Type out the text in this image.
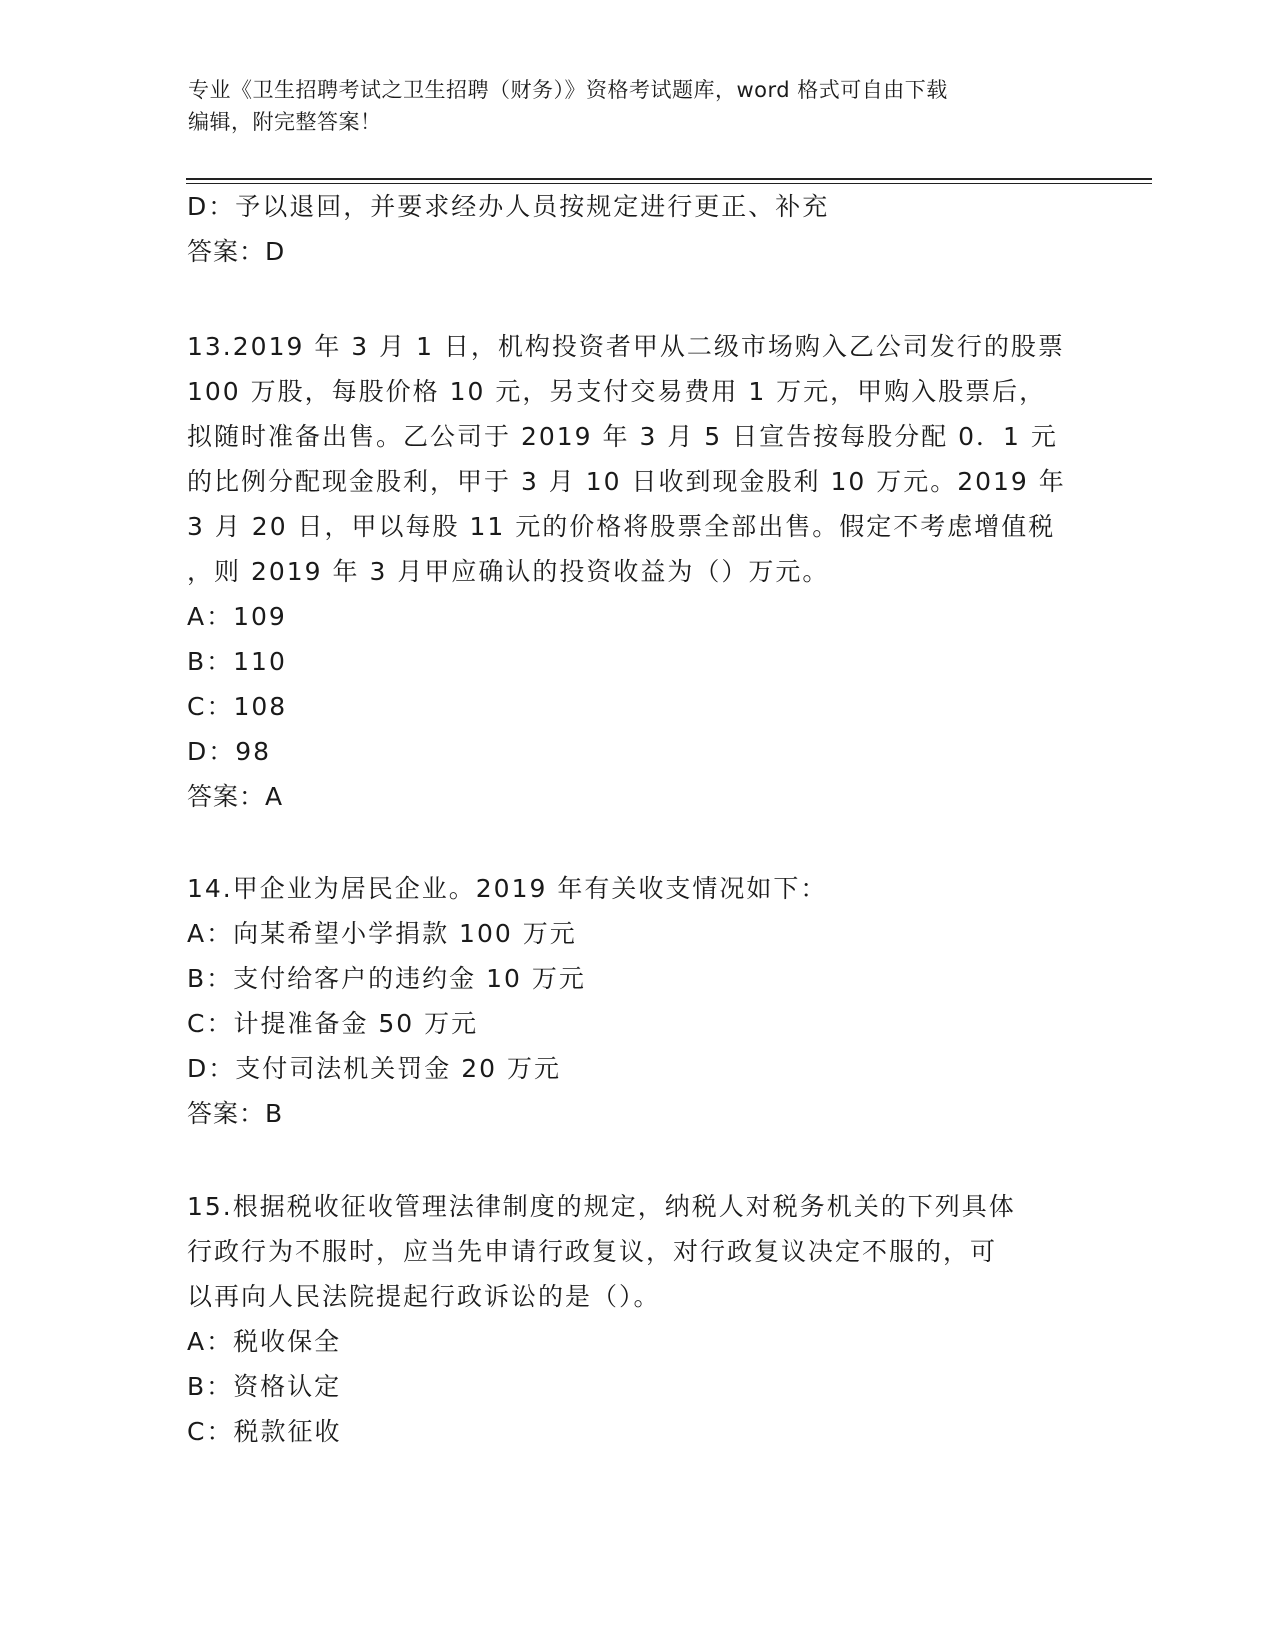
专业《卫生招聘考试之卫生招聘（财务）》资格考试题库，word 格式可自由下载
编辑，附完整答案！
D：予以退回，并要求经办人员按规定进行更正、补充
答案：D
13.2019 年 3 月 1 日，机构投资者甲从二级市场购入乙公司发行的股票
100 万股，每股价格 10 元，另支付交易费用 1 万元，甲购入股票后，
拟随时准备出售。乙公司于 2019 年 3 月 5 日宣告按每股分配 0．1 元
的比例分配现金股利，甲于 3 月 10 日收到现金股利 10 万元。2019 年
3 月 20 日，甲以每股 11 元的价格将股票全部出售。假定不考虑增值税
，则 2019 年 3 月甲应确认的投资收益为（）万元。
A：109
B：110
C：108
D：98
答案：A
14.甲企业为居民企业。2019 年有关收支情况如下：
A：向某希望小学捐款 100 万元
B：支付给客户的违约金 10 万元
C：计提准备金 50 万元
D：支付司法机关罚金 20 万元
答案：B
15.根据税收征收管理法律制度的规定，纳税人对税务机关的下列具体
行政行为不服时，应当先申请行政复议，对行政复议决定不服的，可
以再向人民法院提起行政诉讼的是（）。
A：税收保全
B：资格认定
C：税款征收
